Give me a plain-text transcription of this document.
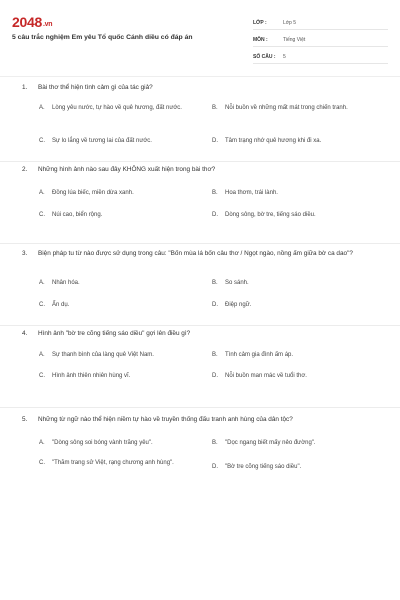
2048.vn
5 câu trắc nghiệm Em yêu Tổ quốc Cánh diều có đáp án
LỚP :	Lớp 5
MÔN :	Tiếng Việt
SỐ CÂU :	5
1. Bài thơ thể hiện tình cảm gì của tác giả?
A.	Lòng yêu nước, tự hào về quê hương, đất nước.	B.	Nỗi buồn về những mất mát trong chiến tranh.
C.	Sự lo lắng về tương lai của đất nước.	D.	Tâm trạng nhớ quê hương khi đi xa.
2. Những hình ảnh nào sau đây KHÔNG xuất hiện trong bài thơ?
A.	Đồng lúa biếc, miền dừa xanh.	B.	Hoa thơm, trái lành.
C.	Núi cao, biển rộng.	D.	Dòng sông, bờ tre, tiếng sáo diều.
3. Biện pháp tu từ nào được sử dụng trong câu: "Bốn mùa lá bốn câu thơ / Ngọt ngào, nồng ấm giữa bờ ca dao"?
A.	Nhân hóa.	B.	So sánh.
C.	Ẩn dụ.	D.	Điệp ngữ.
4. Hình ảnh "bờ tre cõng tiếng sáo diều" gợi lên điều gì?
A.	Sự thanh bình của làng quê Việt Nam.	B.	Tình cảm gia đình ấm áp.
C.	Hình ảnh thiên nhiên hùng vĩ.	D.	Nỗi buồn man mác về tuổi thơ.
5. Những từ ngữ nào thể hiện niềm tự hào về truyền thống đấu tranh anh hùng của dân tộc?
A.	"Dòng sông soi bóng vành trăng yêu".	B.	"Dọc ngang biết mấy nẻo đường".
C.	"Thăm trang sử Việt, rạng chương anh hùng".
D.	"Bờ tre cõng tiếng sáo diều".
